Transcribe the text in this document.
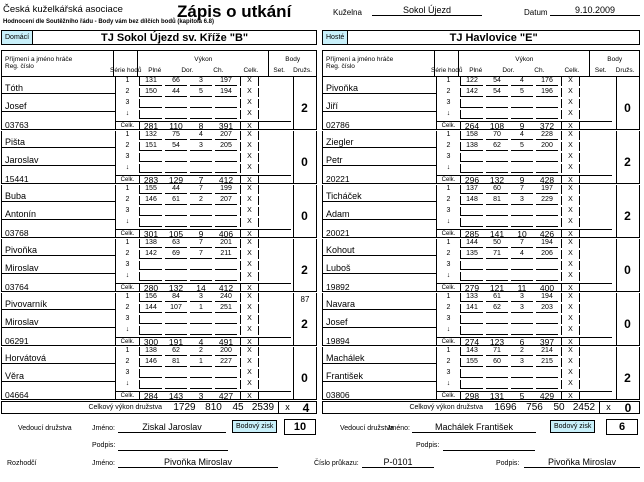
Česká kuželkářská asociace	Zápis o utkání
Hodnocení dle Soutěžního řádu - Body vám bez dílčích bodů (kapitola 6.8)
Kuželna	Sokol Újezd	Datum	9.10.2009
Domácí	TJ Sokol Újezd sv. Kříže "B"	Hosté	TJ Havlovice "E"
Příjmení a jméno hráče
Reg. číslo
Série hodů
Výkon
Plné	Dor.	Ch.	Celk.
Body
Set. Družs.
Příjmení a jméno hráče
Reg. číslo
Série hodů
Výkon
Plné	Dor.	Ch.	Celk.
Body
Set. Družs.
Tóth
Josef
03763
1	131	66	3	197	X
2	150	44	5	194	X
3	X
↓	X
Celk.	281	110	8	391	X
2
Pišta
Jaroslav
15441
1	132	75	4	207	X
2	151	54	3	205	X
3	X
↓	X
Celk.	283	129	7	412	X
0
Buba
Antonín
03768
1	155	44	7	199	X
2	146	61	2	207	X
3	X
↓	X
Celk.	301	105	9	406	X
0
Pivoňka
Miroslav
03764
1	138	63	7	201	X
2	142	69	7	211	X
3	X
↓	X
Celk.	280	132	14	412	X
2
Pivovarník
Miroslav
06291
1	156	84	3	240	X
2	144	107	1	251	X
3	X
↓	X
Celk.	300	191	4	491	X
87
2
Horvátová
Věra
04664
1	138	62	2	200	X
2	146	81	1	227	X
3	X
↓	X
Celk.	284	143	3	427	X
0
Pivoňka
Jiří
02786
1	122	54	4	176	X
2	142	54	5	196	X
3	X
↓	X
Celk.	264	108	9	372	X
0
Ziegler
Petr
20221
1	158	70	4	228	X
2	138	62	5	200	X
3	X
↓	X
Celk.	296	132	9	428	X
2
Ticháček
Adam
20021
1	137	60	7	197	X
2	148	81	3	229	X
3	X
↓	X
Celk.	285	141	10	426	X
2
Kohout
Luboš
19892
1	144	50	7	194	X
2	135	71	4	206	X
3	X
↓	X
Celk.	279	121	11	400	X
0
Navara
Josef
19894
1	133	61	3	194	X
2	141	62	3	203	X
3	X
↓	X
Celk.	274	123	6	397	X
0
Machálek
František
03806
1	143	71	2	214	X
2	155	60	3	215	X
3	X
↓	X
Celk.	298	131	5	429	X
2
Celkový výkon družstva	1729 810	45 2539	x	4	Celkový výkon družstva	1696 756	50 2452	x	0
Bodový zisk	10	Bodový zisk	6
Vedoucí družstva	Jméno:	Ziskal Jaroslav
Podpis:
Vedoucí družstva
Jméno:	Machálek František
Podpis:
Rozhodčí	Jméno:	Pivoňka Miroslav	Číslo průkazu:	P-0101	Podpis:	Pivoňka Miroslav
